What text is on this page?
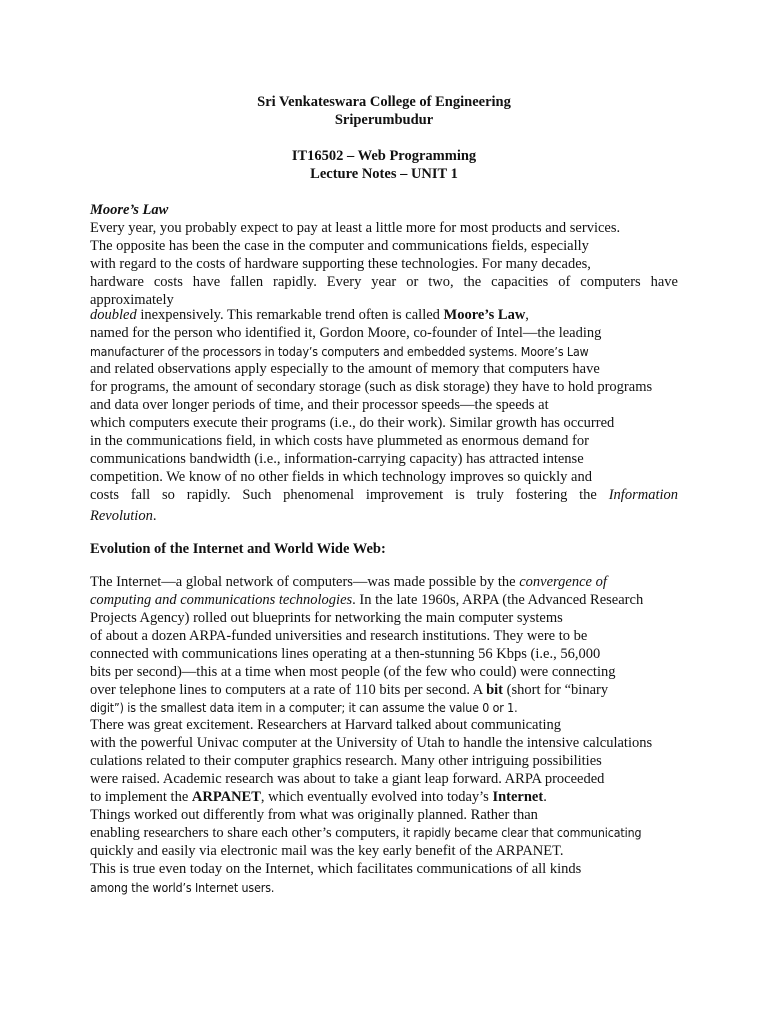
Sri Venkateswara College of Engineering
Sriperumbudur
IT16502 – Web Programming
Lecture Notes – UNIT 1
Moore’s Law
Every year, you probably expect to pay at least a little more for most products and services.
The opposite has been the case in the computer and communications fields, especially
with regard to the costs of hardware supporting these technologies. For many decades,
hardware costs have fallen rapidly. Every year or two, the capacities of computers have
approximately
doubled inexpensively. This remarkable trend often is called Moore’s Law,
named for the person who identified it, Gordon Moore, co-founder of Intel—the leading
manufacturer of the processors in today’s computers and embedded systems. Moore’s Law
and related observations apply especially to the amount of memory that computers have
for programs, the amount of secondary storage (such as disk storage) they have to hold programs
and data over longer periods of time, and their processor speeds—the speeds at
which computers execute their programs (i.e., do their work). Similar growth has occurred
in the communications field, in which costs have plummeted as enormous demand for
communications bandwidth (i.e., information-carrying capacity) has attracted intense
competition. We know of no other fields in which technology improves so quickly and
costs fall so rapidly. Such phenomenal improvement is truly fostering the Information
Revolution.
Evolution of the Internet and World Wide Web:
The Internet—a global network of computers—was made possible by the convergence of
computing and communications technologies. In the late 1960s, ARPA (the Advanced Research
Projects Agency) rolled out blueprints for networking the main computer systems
of about a dozen ARPA-funded universities and research institutions. They were to be
connected with communications lines operating at a then-stunning 56 Kbps (i.e., 56,000
bits per second)—this at a time when most people (of the few who could) were connecting
over telephone lines to computers at a rate of 110 bits per second. A bit (short for “binary
digit”) is the smallest data item in a computer; it can assume the value 0 or 1.
There was great excitement. Researchers at Harvard talked about communicating
with the powerful Univac computer at the University of Utah to handle the intensive calculations
culations related to their computer graphics research. Many other intriguing possibilities
were raised. Academic research was about to take a giant leap forward. ARPA proceeded
to implement the ARPANET, which eventually evolved into today’s Internet.
Things worked out differently from what was originally planned. Rather than
enabling researchers to share each other’s computers, it rapidly became clear that communicating
quickly and easily via electronic mail was the key early benefit of the ARPANET.
This is true even today on the Internet, which facilitates communications of all kinds
among the world’s Internet users.
